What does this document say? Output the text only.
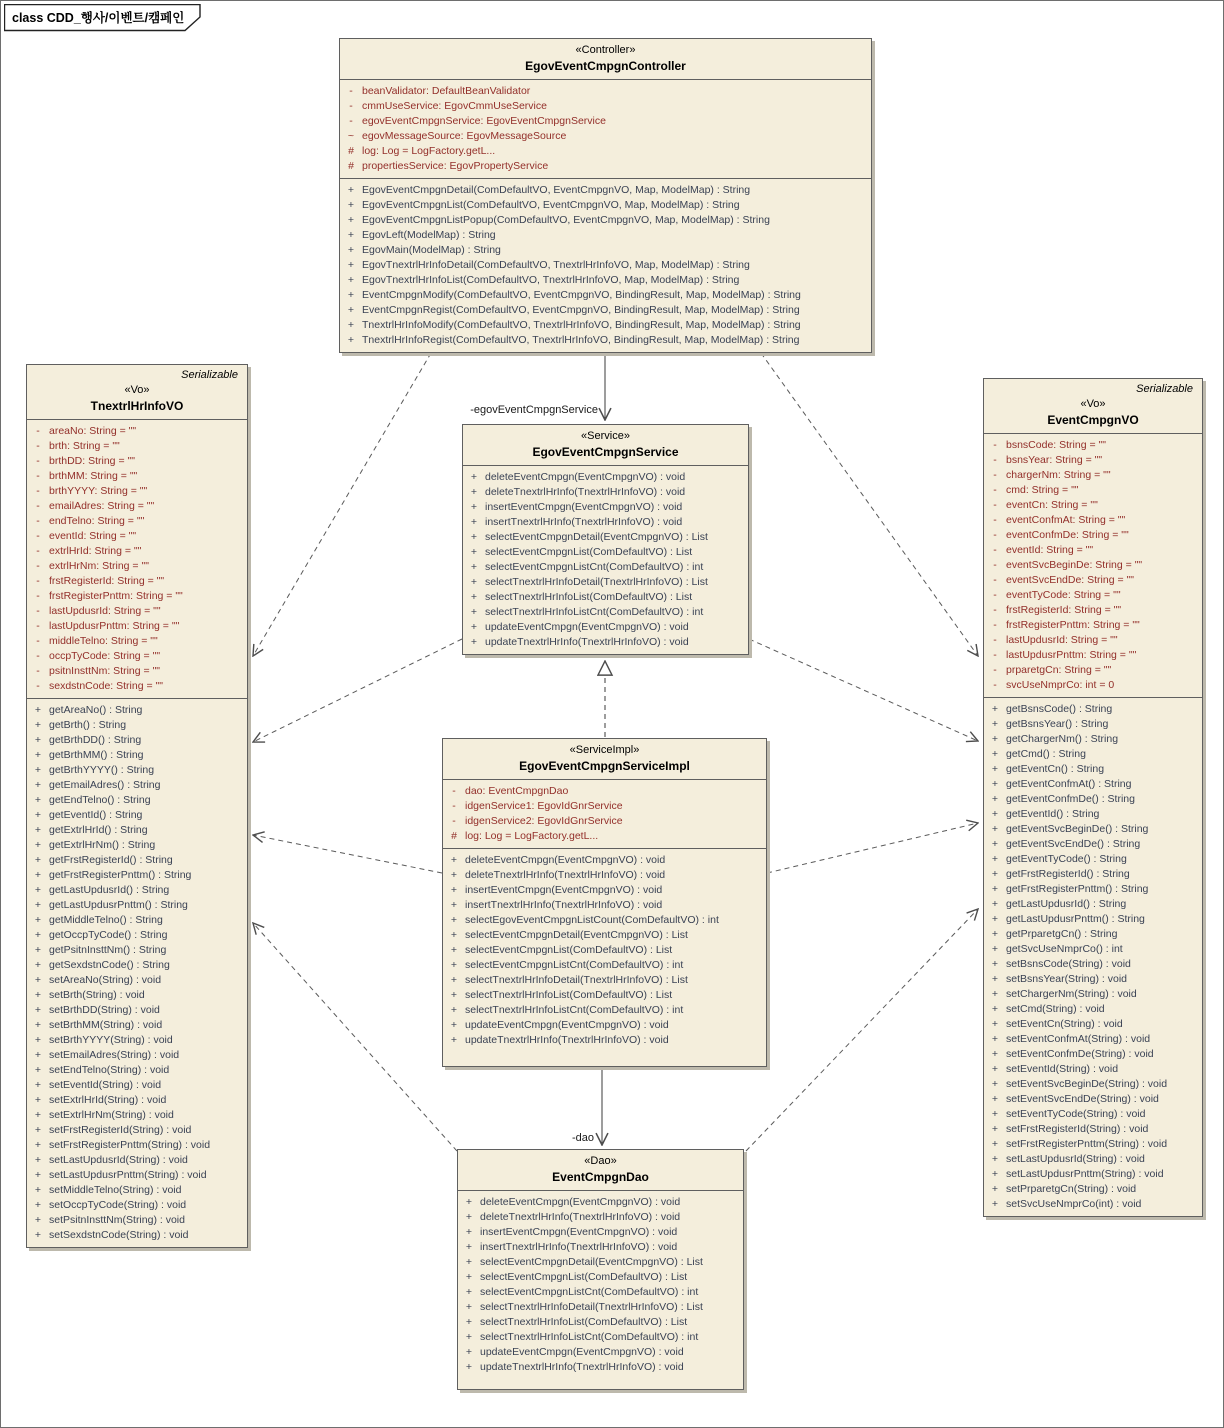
-egovEventCmpgnService
-dao
class CDD_행사/이벤트/캠페인
«Controller»
EgovEventCmpgnController
- beanValidator: DefaultBeanValidator
- cmmUseService: EgovCmmUseService
- egovEventCmpgnService: EgovEventCmpgnService
~ egovMessageSource: EgovMessageSource
# log: Log = LogFactory.getL...
# propertiesService: EgovPropertyService
+ EgovEventCmpgnDetail(ComDefaultVO, EventCmpgnVO, Map, ModelMap) : String
+ EgovEventCmpgnList(ComDefaultVO, EventCmpgnVO, Map, ModelMap) : String
+ EgovEventCmpgnListPopup(ComDefaultVO, EventCmpgnVO, Map, ModelMap) : String
+ EgovLeft(ModelMap) : String
+ EgovMain(ModelMap) : String
+ EgovTnextrlHrInfoDetail(ComDefaultVO, TnextrlHrInfoVO, Map, ModelMap) : String
+ EgovTnextrlHrInfoList(ComDefaultVO, TnextrlHrInfoVO, Map, ModelMap) : String
+ EventCmpgnModify(ComDefaultVO, EventCmpgnVO, BindingResult, Map, ModelMap) : String
+ EventCmpgnRegist(ComDefaultVO, EventCmpgnVO, BindingResult, Map, ModelMap) : String
+ TnextrlHrInfoModify(ComDefaultVO, TnextrlHrInfoVO, BindingResult, Map, ModelMap) : String
+ TnextrlHrInfoRegist(ComDefaultVO, TnextrlHrInfoVO, BindingResult, Map, ModelMap) : String
Serializable
«Vo»
TnextrlHrInfoVO
- areaNo: String = ""
- brth: String = ""
- brthDD: String = ""
- brthMM: String = ""
- brthYYYY: String = ""
- emailAdres: String = ""
- endTelno: String = ""
- eventId: String = ""
- extrlHrId: String = ""
- extrlHrNm: String = ""
- frstRegisterId: String = ""
- frstRegisterPnttm: String = ""
- lastUpdusrId: String = ""
- lastUpdusrPnttm: String = ""
- middleTelno: String = ""
- occpTyCode: String = ""
- psitnInsttNm: String = ""
- sexdstnCode: String = ""
+ getAreaNo() : String
+ getBrth() : String
+ getBrthDD() : String
+ getBrthMM() : String
+ getBrthYYYY() : String
+ getEmailAdres() : String
+ getEndTelno() : String
+ getEventId() : String
+ getExtrlHrId() : String
+ getExtrlHrNm() : String
+ getFrstRegisterId() : String
+ getFrstRegisterPnttm() : String
+ getLastUpdusrId() : String
+ getLastUpdusrPnttm() : String
+ getMiddleTelno() : String
+ getOccpTyCode() : String
+ getPsitnInsttNm() : String
+ getSexdstnCode() : String
+ setAreaNo(String) : void
+ setBrth(String) : void
+ setBrthDD(String) : void
+ setBrthMM(String) : void
+ setBrthYYYY(String) : void
+ setEmailAdres(String) : void
+ setEndTelno(String) : void
+ setEventId(String) : void
+ setExtrlHrId(String) : void
+ setExtrlHrNm(String) : void
+ setFrstRegisterId(String) : void
+ setFrstRegisterPnttm(String) : void
+ setLastUpdusrId(String) : void
+ setLastUpdusrPnttm(String) : void
+ setMiddleTelno(String) : void
+ setOccpTyCode(String) : void
+ setPsitnInsttNm(String) : void
+ setSexdstnCode(String) : void
«Service»
EgovEventCmpgnService
+ deleteEventCmpgn(EventCmpgnVO) : void
+ deleteTnextrlHrInfo(TnextrlHrInfoVO) : void
+ insertEventCmpgn(EventCmpgnVO) : void
+ insertTnextrlHrInfo(TnextrlHrInfoVO) : void
+ selectEventCmpgnDetail(EventCmpgnVO) : List
+ selectEventCmpgnList(ComDefaultVO) : List
+ selectEventCmpgnListCnt(ComDefaultVO) : int
+ selectTnextrlHrInfoDetail(TnextrlHrInfoVO) : List
+ selectTnextrlHrInfoList(ComDefaultVO) : List
+ selectTnextrlHrInfoListCnt(ComDefaultVO) : int
+ updateEventCmpgn(EventCmpgnVO) : void
+ updateTnextrlHrInfo(TnextrlHrInfoVO) : void
«ServiceImpl»
EgovEventCmpgnServiceImpl
- dao: EventCmpgnDao
- idgenService1: EgovIdGnrService
- idgenService2: EgovIdGnrService
# log: Log = LogFactory.getL...
+ deleteEventCmpgn(EventCmpgnVO) : void
+ deleteTnextrlHrInfo(TnextrlHrInfoVO) : void
+ insertEventCmpgn(EventCmpgnVO) : void
+ insertTnextrlHrInfo(TnextrlHrInfoVO) : void
+ selectEgovEventCmpgnListCount(ComDefaultVO) : int
+ selectEventCmpgnDetail(EventCmpgnVO) : List
+ selectEventCmpgnList(ComDefaultVO) : List
+ selectEventCmpgnListCnt(ComDefaultVO) : int
+ selectTnextrlHrInfoDetail(TnextrlHrInfoVO) : List
+ selectTnextrlHrInfoList(ComDefaultVO) : List
+ selectTnextrlHrInfoListCnt(ComDefaultVO) : int
+ updateEventCmpgn(EventCmpgnVO) : void
+ updateTnextrlHrInfo(TnextrlHrInfoVO) : void
Serializable
«Vo»
EventCmpgnVO
- bsnsCode: String = ""
- bsnsYear: String = ""
- chargerNm: String = ""
- cmd: String = ""
- eventCn: String = ""
- eventConfmAt: String = ""
- eventConfmDe: String = ""
- eventId: String = ""
- eventSvcBeginDe: String = ""
- eventSvcEndDe: String = ""
- eventTyCode: String = ""
- frstRegisterId: String = ""
- frstRegisterPnttm: String = ""
- lastUpdusrId: String = ""
- lastUpdusrPnttm: String = ""
- prparetgCn: String = ""
- svcUseNmprCo: int = 0
+ getBsnsCode() : String
+ getBsnsYear() : String
+ getChargerNm() : String
+ getCmd() : String
+ getEventCn() : String
+ getEventConfmAt() : String
+ getEventConfmDe() : String
+ getEventId() : String
+ getEventSvcBeginDe() : String
+ getEventSvcEndDe() : String
+ getEventTyCode() : String
+ getFrstRegisterId() : String
+ getFrstRegisterPnttm() : String
+ getLastUpdusrId() : String
+ getLastUpdusrPnttm() : String
+ getPrparetgCn() : String
+ getSvcUseNmprCo() : int
+ setBsnsCode(String) : void
+ setBsnsYear(String) : void
+ setChargerNm(String) : void
+ setCmd(String) : void
+ setEventCn(String) : void
+ setEventConfmAt(String) : void
+ setEventConfmDe(String) : void
+ setEventId(String) : void
+ setEventSvcBeginDe(String) : void
+ setEventSvcEndDe(String) : void
+ setEventTyCode(String) : void
+ setFrstRegisterId(String) : void
+ setFrstRegisterPnttm(String) : void
+ setLastUpdusrId(String) : void
+ setLastUpdusrPnttm(String) : void
+ setPrparetgCn(String) : void
+ setSvcUseNmprCo(int) : void
«Dao»
EventCmpgnDao
+ deleteEventCmpgn(EventCmpgnVO) : void
+ deleteTnextrlHrInfo(TnextrlHrInfoVO) : void
+ insertEventCmpgn(EventCmpgnVO) : void
+ insertTnextrlHrInfo(TnextrlHrInfoVO) : void
+ selectEventCmpgnDetail(EventCmpgnVO) : List
+ selectEventCmpgnList(ComDefaultVO) : List
+ selectEventCmpgnListCnt(ComDefaultVO) : int
+ selectTnextrlHrInfoDetail(TnextrlHrInfoVO) : List
+ selectTnextrlHrInfoList(ComDefaultVO) : List
+ selectTnextrlHrInfoListCnt(ComDefaultVO) : int
+ updateEventCmpgn(EventCmpgnVO) : void
+ updateTnextrlHrInfo(TnextrlHrInfoVO) : void
